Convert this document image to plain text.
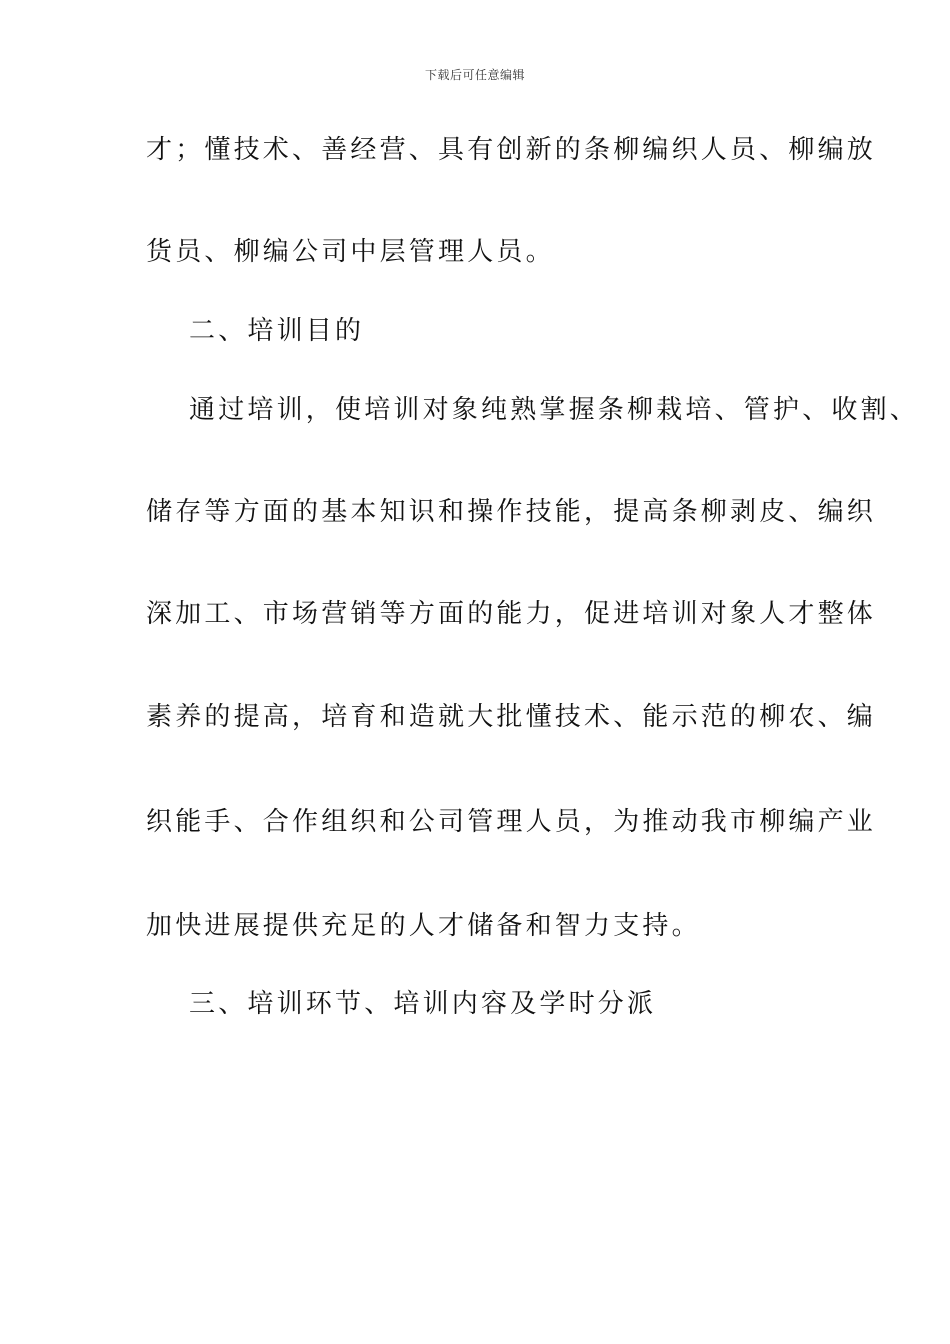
下载后可任意编辑
才；懂技术、善经营、具有创新的条柳编织人员、柳编放
货员、柳编公司中层管理人员。
二、培训目的
通过培训，使培训对象纯熟掌握条柳栽培、管护、收割、
储存等方面的基本知识和操作技能，提高条柳剥皮、编织
深加工、市场营销等方面的能力，促进培训对象人才整体
素养的提高，培育和造就大批懂技术、能示范的柳农、编
织能手、合作组织和公司管理人员，为推动我市柳编产业
加快进展提供充足的人才储备和智力支持。
三、培训环节、培训内容及学时分派
